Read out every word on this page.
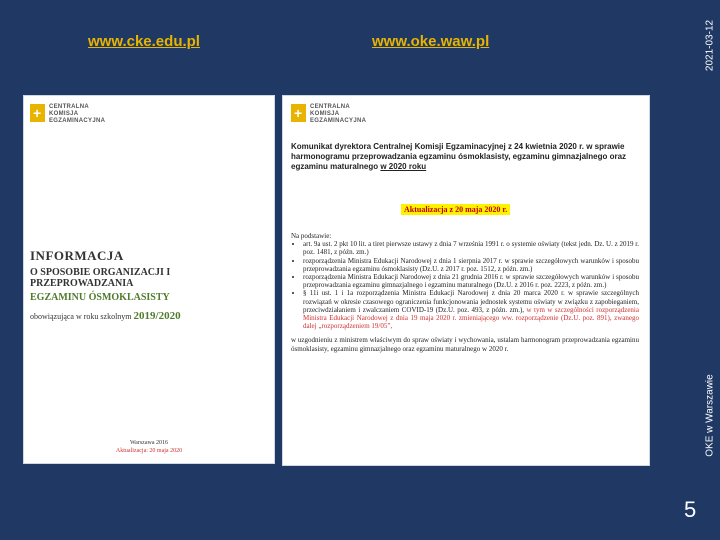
www.cke.edu.pl	www.oke.waw.pl	2021-03-12
OKE w Warszawie
+
CENTRALNA
KOMISJA
EGZAMINACYJNA
INFORMACJA
O SPOSOBIE ORGANIZACJI I PRZEPROWADZANIA
EGZAMINU ÓSMOKLASISTY
obowiązująca w roku szkolnym 2019/2020
Warszawa 2016
Aktualizacja: 20 maja 2020
+
CENTRALNA
KOMISJA
EGZAMINACYJNA
Komunikat dyrektora Centralnej Komisji Egzaminacyjnej z 24 kwietnia 2020 r. w sprawie harmonogramu przeprowadzania egzaminu ósmoklasisty, egzaminu gimnazjalnego oraz egzaminu maturalnego w 2020 roku
Aktualizacja z 20 maja 2020 r.
Na podstawie:
• art. 9a ust. 2 pkt 10 lit. a tiret pierwsze ustawy z dnia 7 września 1991 r. o systemie oświaty (tekst jedn. Dz. U. z 2019 r. poz. 1481, z późn. zm.)
• rozporządzenia Ministra Edukacji Narodowej z dnia 1 sierpnia 2017 r. w sprawie szczegółowych warunków i sposobu przeprowadzania egzaminu ósmoklasisty (Dz.U. z 2017 r. poz. 1512, z późn. zm.)
• rozporządzenia Ministra Edukacji Narodowej z dnia 21 grudnia 2016 r. w sprawie szczegółowych warunków i sposobu przeprowadzania egzaminu gimnazjalnego i egzaminu maturalnego (Dz.U. z 2016 r. poz. 2223, z późn. zm.)
• § 11i ust. 1 i 1a rozporządzenia Ministra Edukacji Narodowej z dnia 20 marca 2020 r. w sprawie szczególnych rozwiązań w okresie czasowego ograniczenia funkcjonowania jednostek systemu oświaty w związku z zapobieganiem, przeciwdziałaniem i zwalczaniem COVID-19 (Dz.U. poz. 493, z późn. zm.), w tym w szczególności rozporządzenia Ministra Edukacji Narodowej z dnia 19 maja 2020 r. zmieniającego ww. rozporządzenie (Dz.U. poz. 891), zwanego dalej „rozporządzeniem 19/05”,
w uzgodnieniu z ministrem właściwym do spraw oświaty i wychowania, ustalam harmonogram przeprowadzania egzaminu ósmoklasisty, egzaminu gimnazjalnego oraz egzaminu maturalnego w 2020 r.
5
